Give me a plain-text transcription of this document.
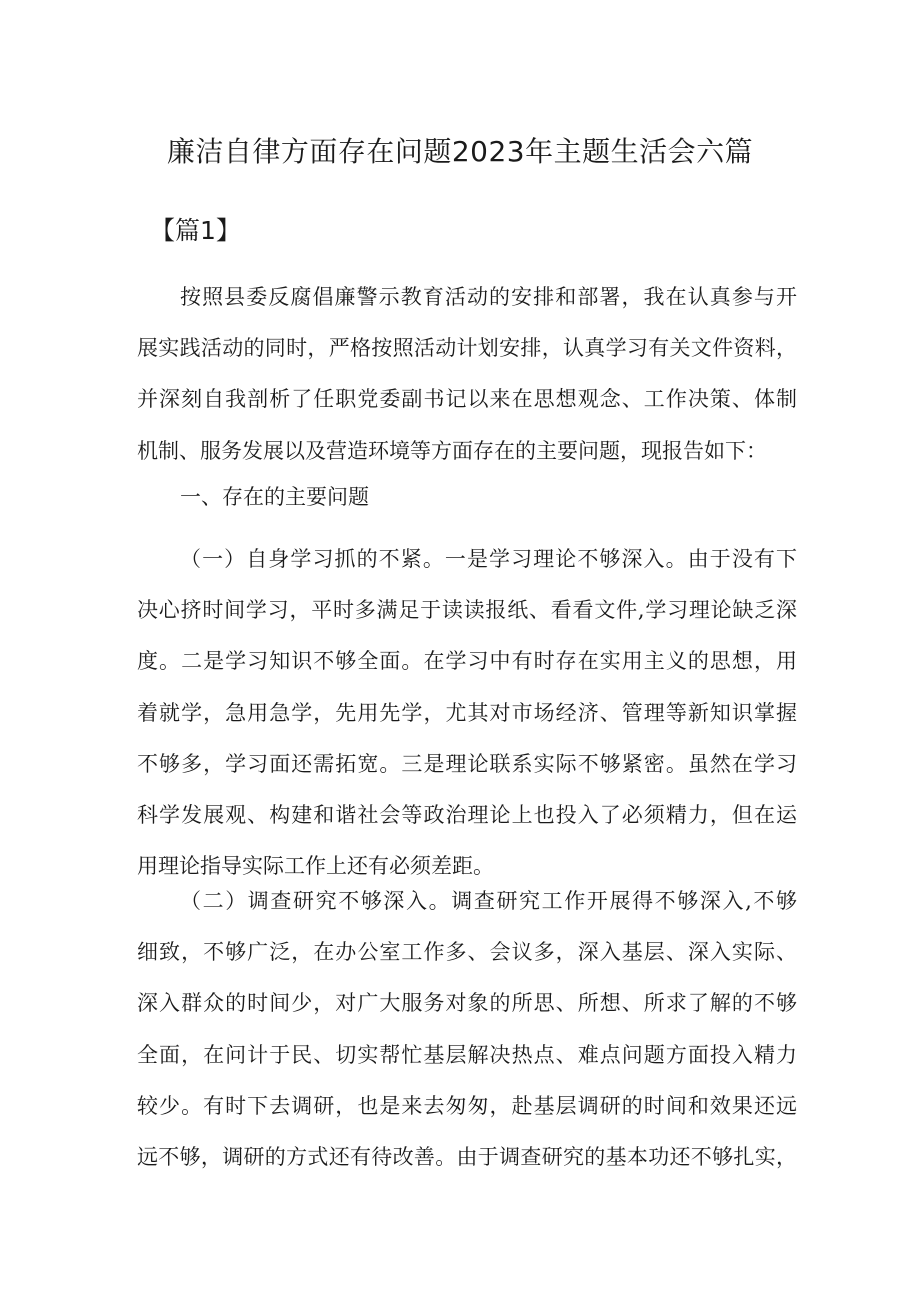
廉洁自律方面存在问题2023年主题生活会六篇
【篇1】
按照县委反腐倡廉警示教育活动的安排和部署，我在认真参与开
展实践活动的同时，严格按照活动计划安排，认真学习有关文件资料，
并深刻自我剖析了任职党委副书记以来在思想观念、工作决策、体制
机制、服务发展以及营造环境等方面存在的主要问题，现报告如下：
一、存在的主要问题
（一）自身学习抓的不紧。一是学习理论不够深入。由于没有下
决心挤时间学习，平时多满足于读读报纸、看看文件,学习理论缺乏深
度。二是学习知识不够全面。在学习中有时存在实用主义的思想，用
着就学，急用急学，先用先学，尤其对市场经济、管理等新知识掌握
不够多，学习面还需拓宽。三是理论联系实际不够紧密。虽然在学习
科学发展观、构建和谐社会等政治理论上也投入了必须精力，但在运
用理论指导实际工作上还有必须差距。
（二）调查研究不够深入。调查研究工作开展得不够深入,不够
细致，不够广泛，在办公室工作多、会议多，深入基层、深入实际、
深入群众的时间少，对广大服务对象的所思、所想、所求了解的不够
全面，在问计于民、切实帮忙基层解决热点、难点问题方面投入精力
较少。有时下去调研，也是来去匆匆，赴基层调研的时间和效果还远
远不够，调研的方式还有待改善。由于调查研究的基本功还不够扎实，
